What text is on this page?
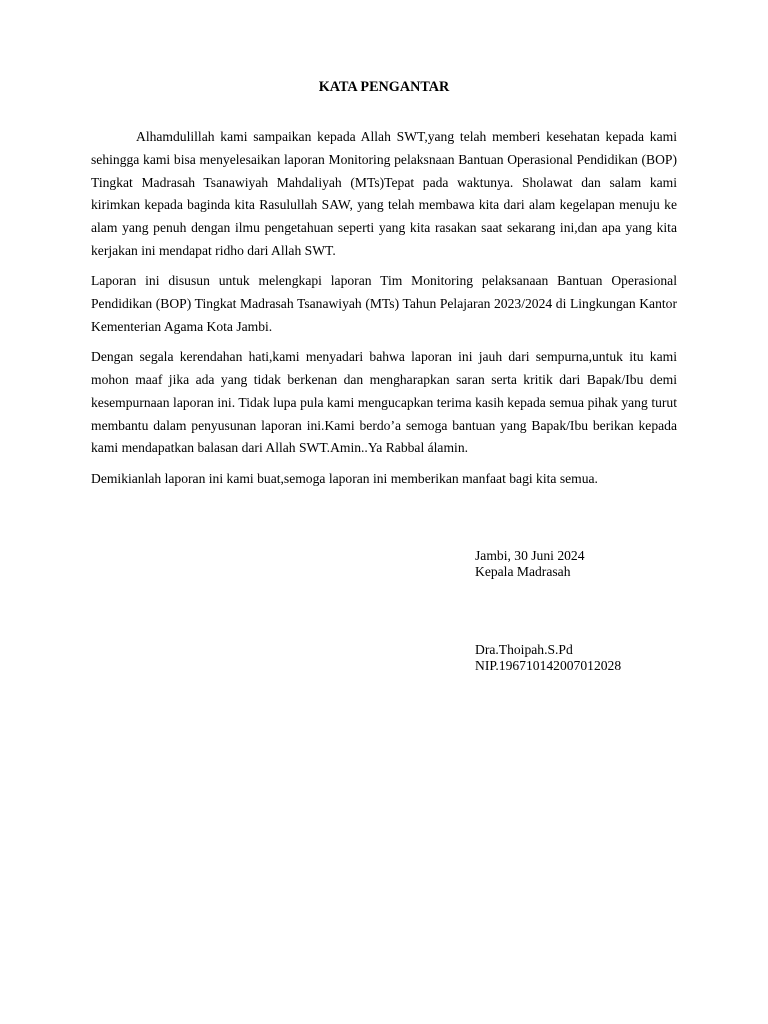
KATA PENGANTAR

Alhamdulillah kami sampaikan kepada Allah SWT,yang telah memberi kesehatan kepada kami sehingga kami bisa menyelesaikan laporan Monitoring pelaksnaan Bantuan Operasional Pendidikan (BOP) Tingkat Madrasah Tsanawiyah Mahdaliyah (MTs)Tepat pada waktunya. Sholawat dan salam kami kirimkan kepada baginda kita Rasulullah SAW, yang telah membawa kita dari alam kegelapan menuju ke alam yang penuh dengan ilmu pengetahuan seperti yang kita rasakan saat sekarang ini,dan apa yang kita kerjakan ini mendapat ridho dari Allah SWT.

Laporan ini disusun untuk melengkapi laporan Tim Monitoring pelaksanaan Bantuan Operasional Pendidikan (BOP) Tingkat Madrasah Tsanawiyah (MTs) Tahun Pelajaran 2023/2024 di Lingkungan Kantor Kementerian Agama Kota Jambi.

Dengan segala kerendahan hati,kami menyadari bahwa laporan ini jauh dari sempurna,untuk itu kami mohon maaf jika ada yang tidak berkenan dan mengharapkan saran serta kritik dari Bapak/Ibu demi kesempurnaan laporan ini. Tidak lupa pula kami mengucapkan terima kasih kepada semua pihak yang turut membantu dalam penyusunan laporan ini.Kami berdo’a semoga bantuan yang Bapak/Ibu berikan kepada kami mendapatkan balasan dari Allah SWT.Amin..Ya Rabbal álamin.

Demikianlah laporan ini kami buat,semoga laporan ini memberikan manfaat bagi kita semua.

Jambi, 30 Juni 2024
Kepala Madrasah
Dra.Thoipah.S.Pd
NIP.196710142007012028
